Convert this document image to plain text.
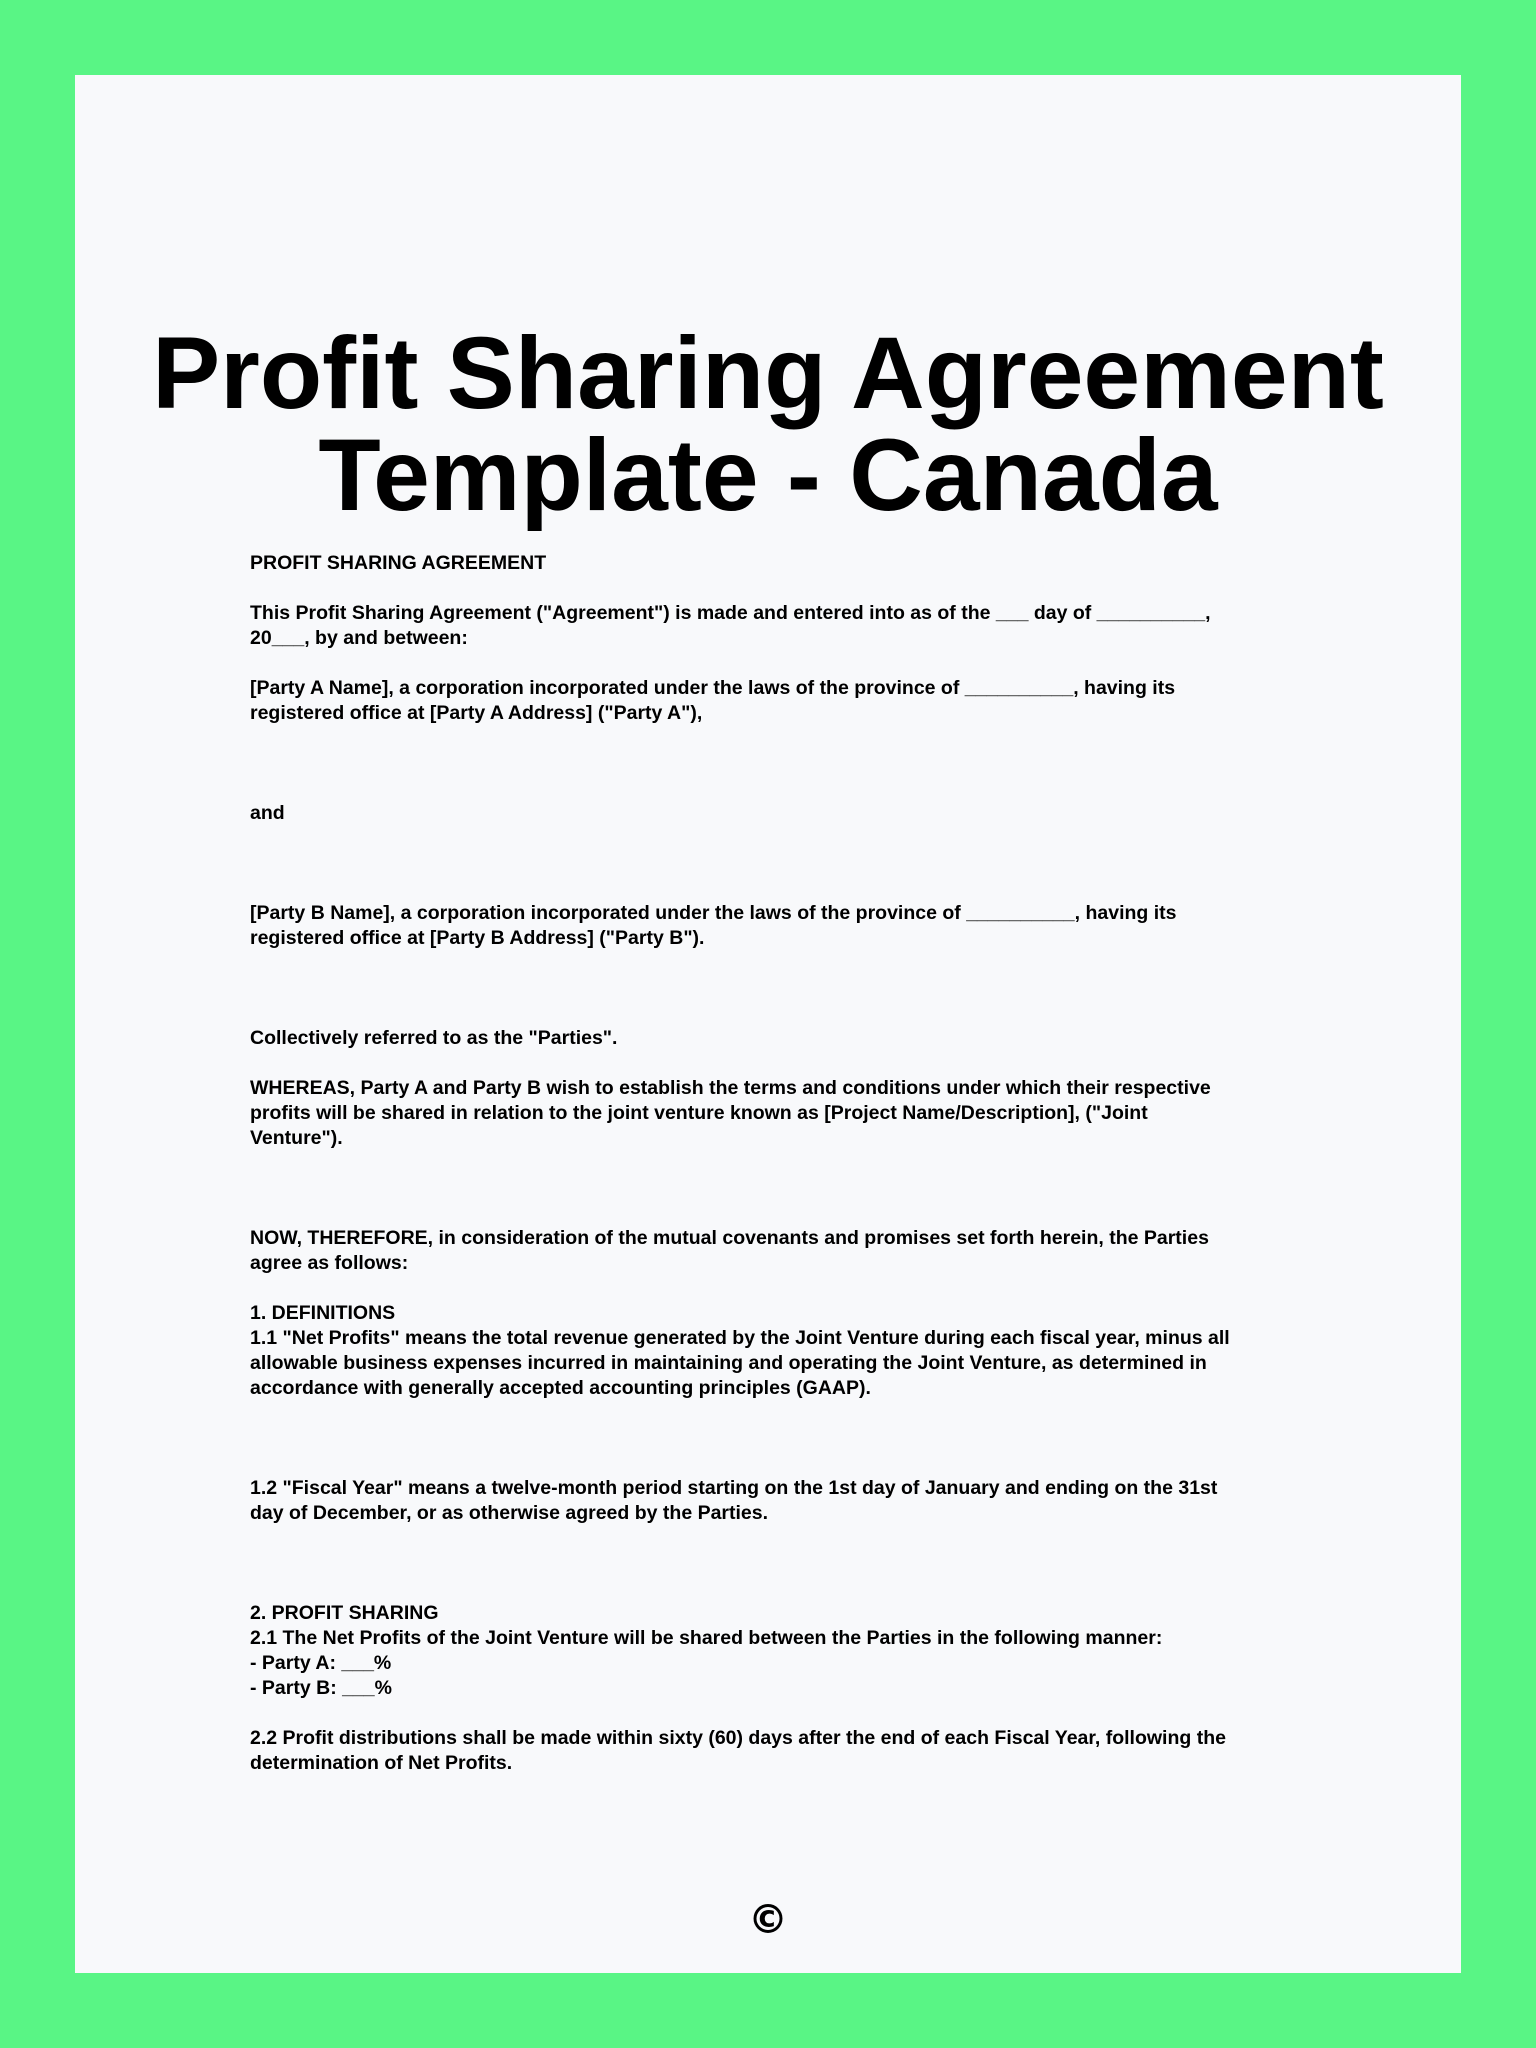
Profit Sharing Agreement
Template - Canada

PROFIT SHARING AGREEMENT

This Profit Sharing Agreement ("Agreement") is made and entered into as of the ___ day of __________,
20___, by and between:

[Party A Name], a corporation incorporated under the laws of the province of __________, having its
registered office at [Party A Address] ("Party A"),

and

[Party B Name], a corporation incorporated under the laws of the province of __________, having its
registered office at [Party B Address] ("Party B").

Collectively referred to as the "Parties".

WHEREAS, Party A and Party B wish to establish the terms and conditions under which their respective
profits will be shared in relation to the joint venture known as [Project Name/Description], ("Joint
Venture").

NOW, THEREFORE, in consideration of the mutual covenants and promises set forth herein, the Parties
agree as follows:

1. DEFINITIONS

1.1 "Net Profits" means the total revenue generated by the Joint Venture during each fiscal year, minus all
allowable business expenses incurred in maintaining and operating the Joint Venture, as determined in
accordance with generally accepted accounting principles (GAAP).

1.2 "Fiscal Year" means a twelve-month period starting on the 1st day of January and ending on the 31st
day of December, or as otherwise agreed by the Parties.

2. PROFIT SHARING

2.1 The Net Profits of the Joint Venture will be shared between the Parties in the following manner:

- Party A: ___%

- Party B: ___%

2.2 Profit distributions shall be made within sixty (60) days after the end of each Fiscal Year, following the
determination of Net Profits.

©
